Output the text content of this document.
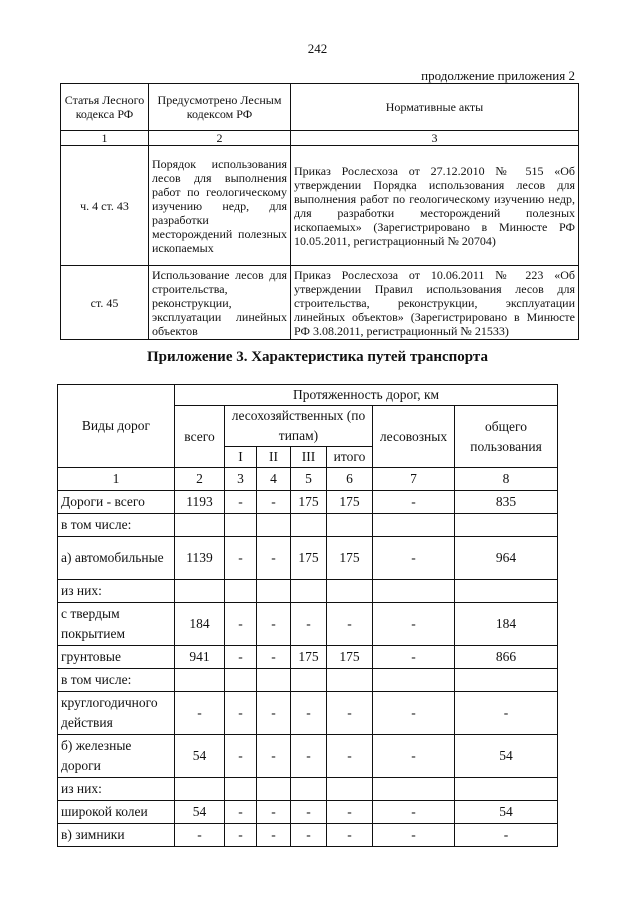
242
продолжение приложения 2
Статья Лесного кодекса РФ	Предусмотрено Лесным кодексом РФ	Нормативные акты
1	2	3
ч. 4 ст. 43	Порядок использования лесов для выполнения работ по геологическому изучению недр, для разработки месторождений полезных ископаемых	Приказ Рослесхоза от 27.12.2010 № 515 «Об утверждении Порядка использования лесов для выполнения работ по геологическому изучению недр, для разработки месторождений полезных ископаемых» (Зарегистрировано в Минюсте РФ 10.05.2011, регистрационный № 20704)
ст. 45	Использование лесов для строительства, реконструкции, эксплуатации линейных объектов	Приказ Рослесхоза от 10.06.2011 № 223 «Об утверждении Правил использования лесов для строительства, реконструкции, эксплуатации линейных объектов» (Зарегистрировано в Минюсте РФ 3.08.2011, регистрационный № 21533)
Приложение 3. Характеристика путей транспорта
Виды дорог	Протяженность дорог, км						
	всего	лесохозяйственных (по типам)				лесовозных	общего пользования
		I	II	III	итого		
1	2	3	4	5	6	7	8
Дороги - всего	1193	-	-	175	175	-	835
в том числе:							
а) автомобильные	1139	-	-	175	175	-	964
из них:							
с твердым покрытием	184	-	-	-	-	-	184
грунтовые	941	-	-	175	175	-	866
в том числе:							
круглогодичного действия	-	-	-	-	-	-	-
б) железные дороги	54	-	-	-	-	-	54
из них:							
широкой колеи	54	-	-	-	-	-	54
в) зимники	-	-	-	-	-	-	-
